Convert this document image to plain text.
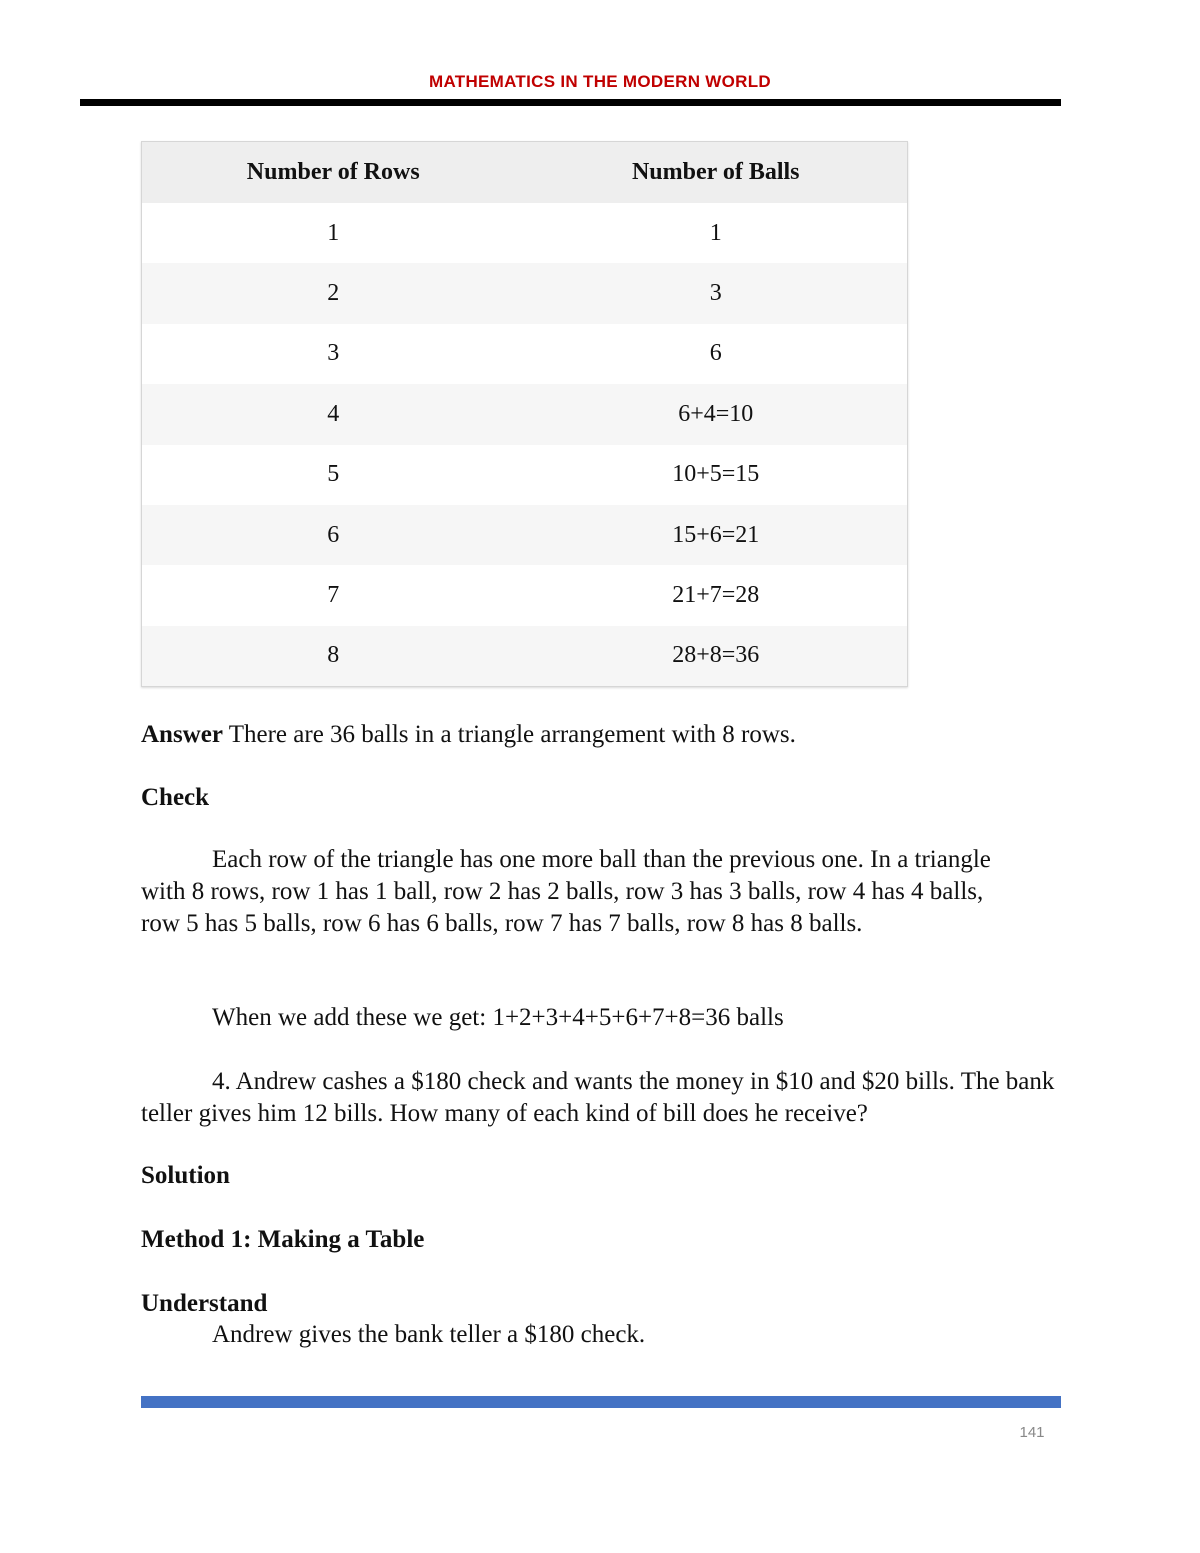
MATHEMATICS IN THE MODERN WORLD
Number of Rows	Number of Balls
1	1
2	3
3	6
4	6+4=10
5	10+5=15
6	15+6=21
7	21+7=28
8	28+8=36

Answer There are 36 balls in a triangle arrangement with 8 rows.

Check

Each row of the triangle has one more ball than the previous one. In a triangle with 8 rows, row 1 has 1 ball, row 2 has 2 balls, row 3 has 3 balls, row 4 has 4 balls, row 5 has 5 balls, row 6 has 6 balls, row 7 has 7 balls, row 8 has 8 balls.

When we add these we get: 1+2+3+4+5+6+7+8=36 balls

4. Andrew cashes a $180 check and wants the money in $10 and $20 bills. The bank teller gives him 12 bills. How many of each kind of bill does he receive?

Solution

Method 1: Making a Table

Understand

Andrew gives the bank teller a $180 check.

141
